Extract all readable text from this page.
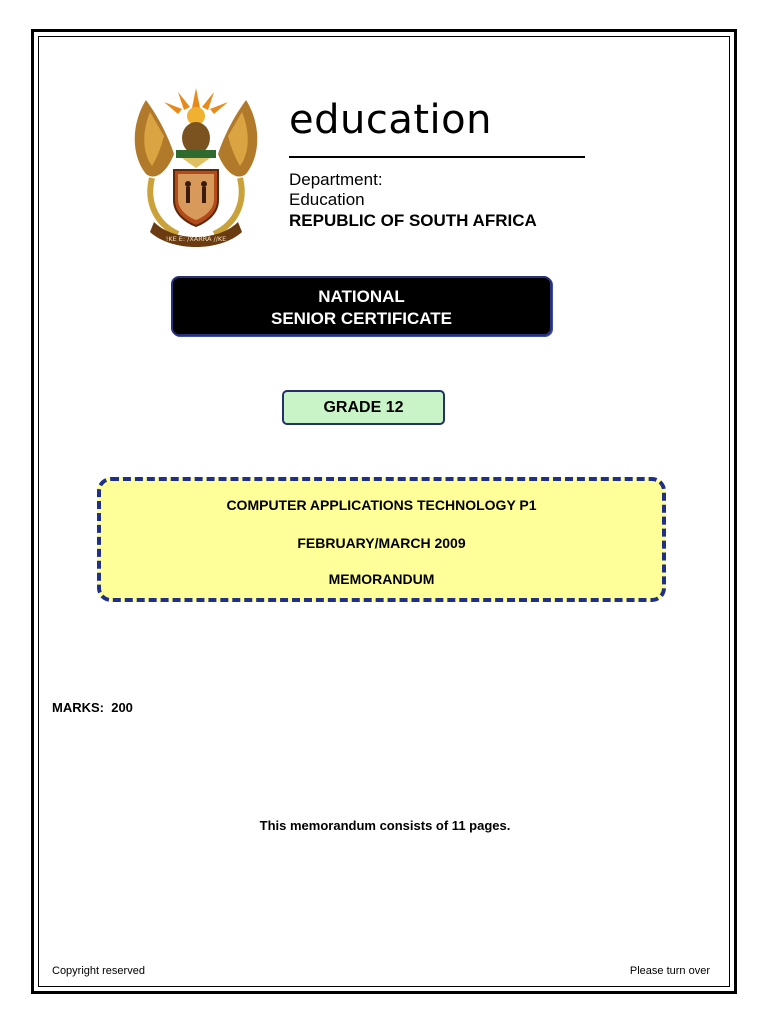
!KE E: /XARRA //KE
education
Department:
Education
REPUBLIC OF SOUTH AFRICA
NATIONAL
SENIOR CERTIFICATE
GRADE 12
COMPUTER APPLICATIONS TECHNOLOGY P1
FEBRUARY/MARCH 2009
MEMORANDUM
MARKS:  200
This memorandum consists of 11 pages.
Copyright reserved	Please turn over
